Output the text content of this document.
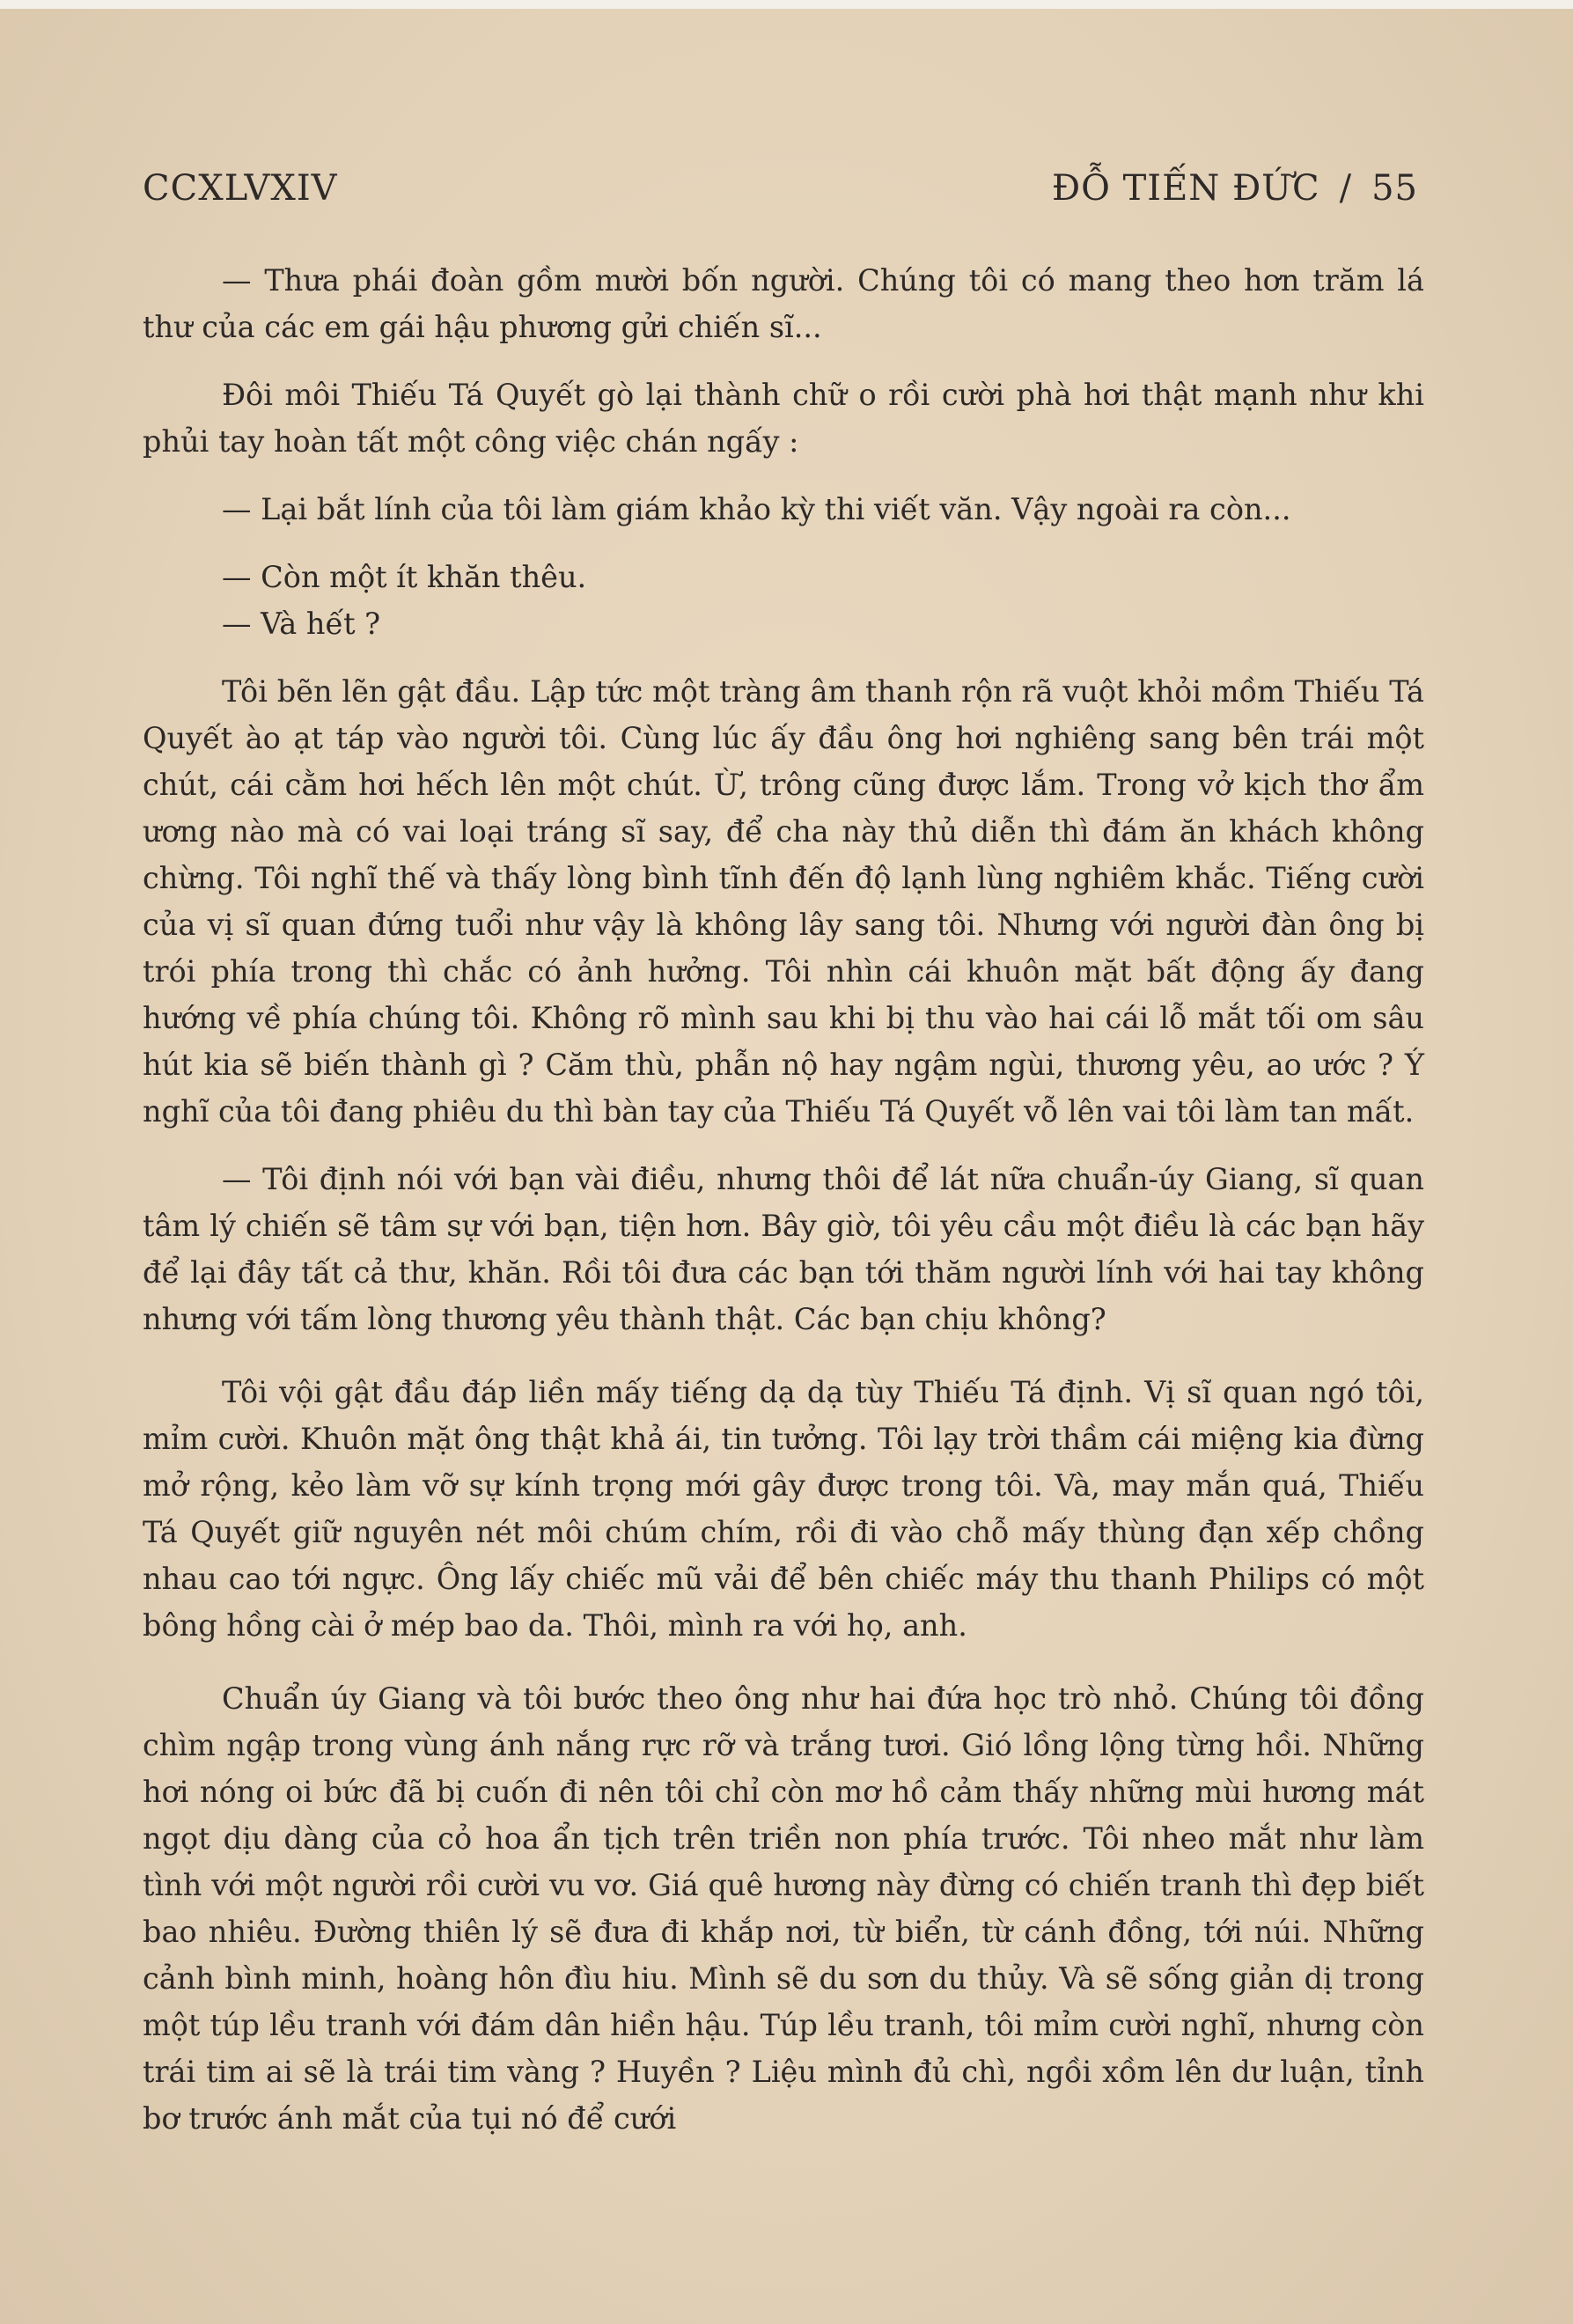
CCXLVXIV	ĐỖ TIẾN ĐỨC / 55

— Thưa phái đoàn gồm mười bốn người. Chúng tôi có mang theo hơn trăm lá thư của các em gái hậu phương gửi chiến sĩ...

Đôi môi Thiếu Tá Quyết gò lại thành chữ o rồi cười phà hơi thật mạnh như khi phủi tay hoàn tất một công việc chán ngấy :

— Lại bắt lính của tôi làm giám khảo kỳ thi viết văn. Vậy ngoài ra còn...

— Còn một ít khăn thêu.

— Và hết ?

Tôi bẽn lẽn gật đầu. Lập tức một tràng âm thanh rộn rã vuột khỏi mồm Thiếu Tá Quyết ào ạt táp vào người tôi. Cùng lúc ấy đầu ông hơi nghiêng sang bên trái một chút, cái cằm hơi hếch lên một chút. Ừ, trông cũng được lắm. Trong vở kịch thơ ẩm ương nào mà có vai loại tráng sĩ say, để cha này thủ diễn thì đám ăn khách không chừng. Tôi nghĩ thế và thấy lòng bình tĩnh đến độ lạnh lùng nghiêm khắc. Tiếng cười của vị sĩ quan đứng tuổi như vậy là không lây sang tôi. Nhưng với người đàn ông bị trói phía trong thì chắc có ảnh hưởng. Tôi nhìn cái khuôn mặt bất động ấy đang hướng về phía chúng tôi. Không rõ mình sau khi bị thu vào hai cái lỗ mắt tối om sâu hút kia sẽ biến thành gì ? Căm thù, phẫn nộ hay ngậm ngùi, thương yêu, ao ước ? Ý nghĩ của tôi đang phiêu du thì bàn tay của Thiếu Tá Quyết vỗ lên vai tôi làm tan mất.

— Tôi định nói với bạn vài điều, nhưng thôi để lát nữa chuẩn-úy Giang, sĩ quan tâm lý chiến sẽ tâm sự với bạn, tiện hơn. Bây giờ, tôi yêu cầu một điều là các bạn hãy để lại đây tất cả thư, khăn. Rồi tôi đưa các bạn tới thăm người lính với hai tay không nhưng với tấm lòng thương yêu thành thật. Các bạn chịu không?

Tôi vội gật đầu đáp liền mấy tiếng dạ dạ tùy Thiếu Tá định. Vị sĩ quan ngó tôi, mỉm cười. Khuôn mặt ông thật khả ái, tin tưởng. Tôi lạy trời thầm cái miệng kia đừng mở rộng, kẻo làm vỡ sự kính trọng mới gây được trong tôi. Và, may mắn quá, Thiếu Tá Quyết giữ nguyên nét môi chúm chím, rồi đi vào chỗ mấy thùng đạn xếp chồng nhau cao tới ngực. Ông lấy chiếc mũ vải để bên chiếc máy thu thanh Philips có một bông hồng cài ở mép bao da. Thôi, mình ra với họ, anh.

Chuẩn úy Giang và tôi bước theo ông như hai đứa học trò nhỏ. Chúng tôi đồng chìm ngập trong vùng ánh nắng rực rỡ và trắng tươi. Gió lồng lộng từng hồi. Những hơi nóng oi bức đã bị cuốn đi nên tôi chỉ còn mơ hồ cảm thấy những mùi hương mát ngọt dịu dàng của cỏ hoa ẩn tịch trên triền non phía trước. Tôi nheo mắt như làm tình với một người rồi cười vu vơ. Giá quê hương này đừng có chiến tranh thì đẹp biết bao nhiêu. Đường thiên lý sẽ đưa đi khắp nơi, từ biển, từ cánh đồng, tới núi. Những cảnh bình minh, hoàng hôn đìu hiu. Mình sẽ du sơn du thủy. Và sẽ sống giản dị trong một túp lều tranh với đám dân hiền hậu. Túp lều tranh, tôi mỉm cười nghĩ, nhưng còn trái tim ai sẽ là trái tim vàng ? Huyền ? Liệu mình đủ chì, ngồi xồm lên dư luận, tỉnh bơ trước ánh mắt của tụi nó để cưới
